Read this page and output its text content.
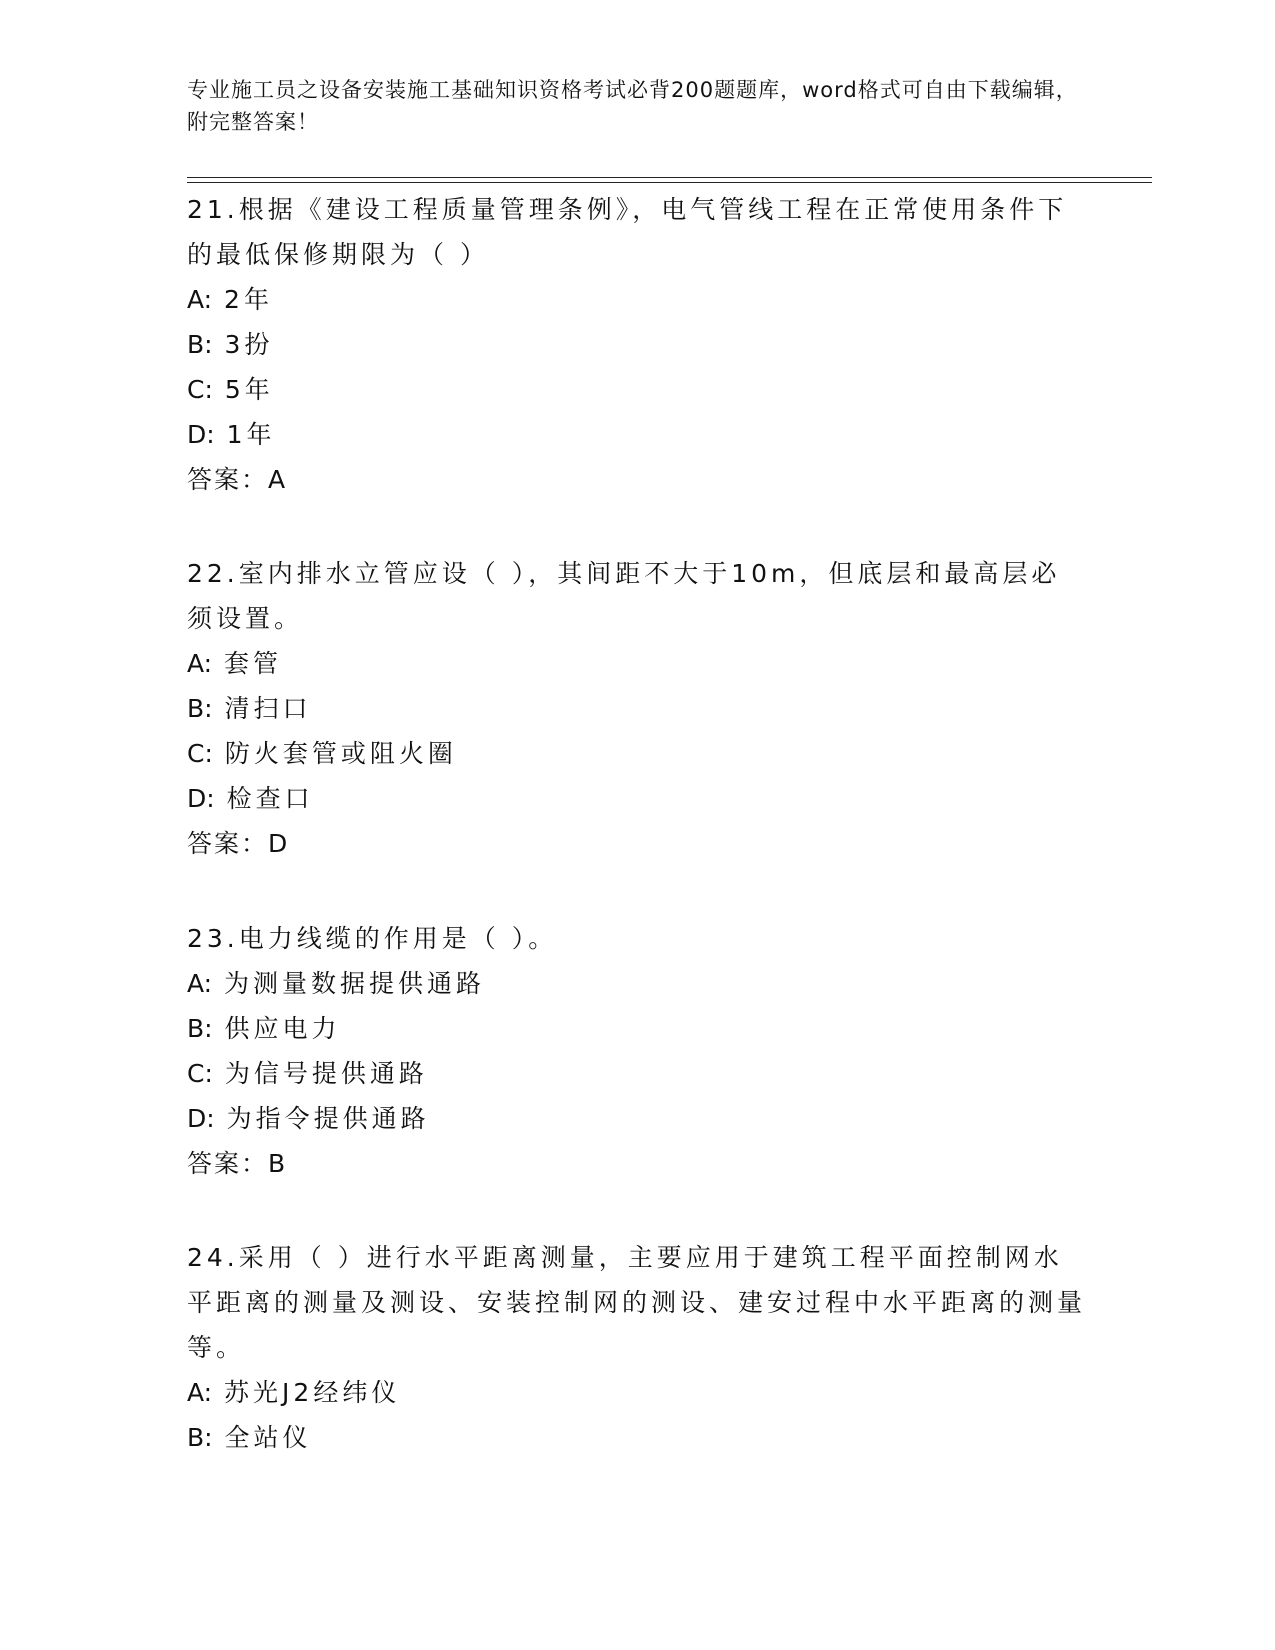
专业施工员之设备安装施工基础知识资格考试必背200题题库，word格式可自由下载编辑，附完整答案！

21.根据《建设工程质量管理条例》，电气管线工程在正常使用条件下的最低保修期限为（ ）

A: 2年

B: 3扮

C: 5年

D: 1年

答案：A

22.室内排水立管应设（ ），其间距不大于10m，但底层和最高层必须设置。

A: 套管

B: 清扫口

C: 防火套管或阻火圈

D: 检查口

答案：D

23.电力线缆的作用是（ ）。

A: 为测量数据提供通路

B: 供应电力

C: 为信号提供通路

D: 为指令提供通路

答案：B

24.采用（ ）进行水平距离测量，主要应用于建筑工程平面控制网水平距离的测量及测设、安装控制网的测设、建安过程中水平距离的测量等。

A: 苏光J2经纬仪

B: 全站仪
